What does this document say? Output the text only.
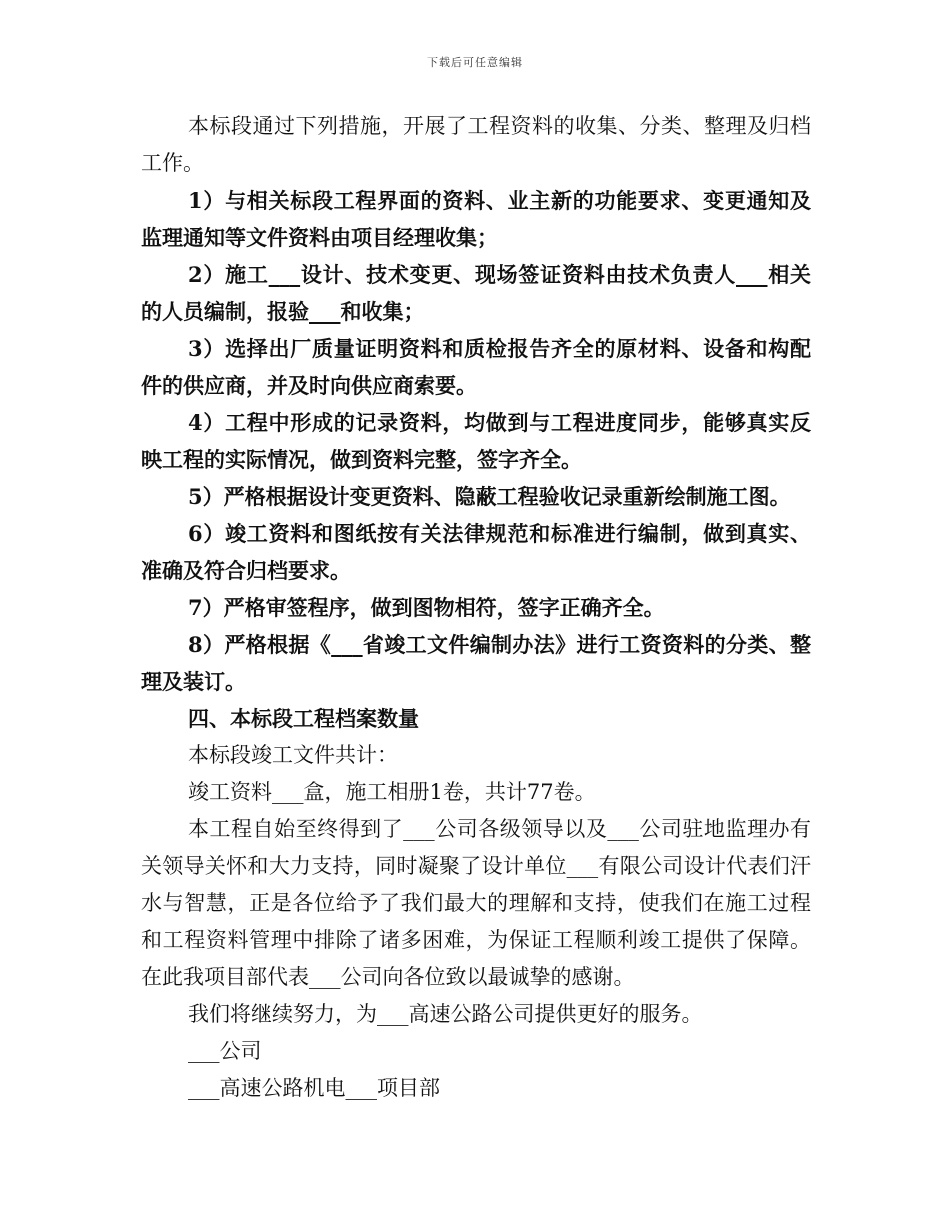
下载后可任意编辑

本标段通过下列措施，开展了工程资料的收集、分类、整理及归档工作。

1）与相关标段工程界面的资料、业主新的功能要求、变更通知及监理通知等文件资料由项目经理收集；

2）施工___设计、技术变更、现场签证资料由技术负责人___相关的人员编制，报验___和收集；

3）选择出厂质量证明资料和质检报告齐全的原材料、设备和构配件的供应商，并及时向供应商索要。

4）工程中形成的记录资料，均做到与工程进度同步，能够真实反映工程的实际情况，做到资料完整，签字齐全。

5）严格根据设计变更资料、隐蔽工程验收记录重新绘制施工图。

6）竣工资料和图纸按有关法律规范和标准进行编制，做到真实、准确及符合归档要求。

7）严格审签程序，做到图物相符，签字正确齐全。

8）严格根据《___省竣工文件编制办法》进行工资资料的分类、整理及装订。

四、本标段工程档案数量

本标段竣工文件共计：

竣工资料___盒，施工相册1卷，共计77卷。

本工程自始至终得到了___公司各级领导以及___公司驻地监理办有关领导关怀和大力支持，同时凝聚了设计单位___有限公司设计代表们汗水与智慧，正是各位给予了我们最大的理解和支持，使我们在施工过程和工程资料管理中排除了诸多困难，为保证工程顺利竣工提供了保障。在此我项目部代表___公司向各位致以最诚挚的感谢。

我们将继续努力，为___高速公路公司提供更好的服务。

___公司

___高速公路机电___项目部
